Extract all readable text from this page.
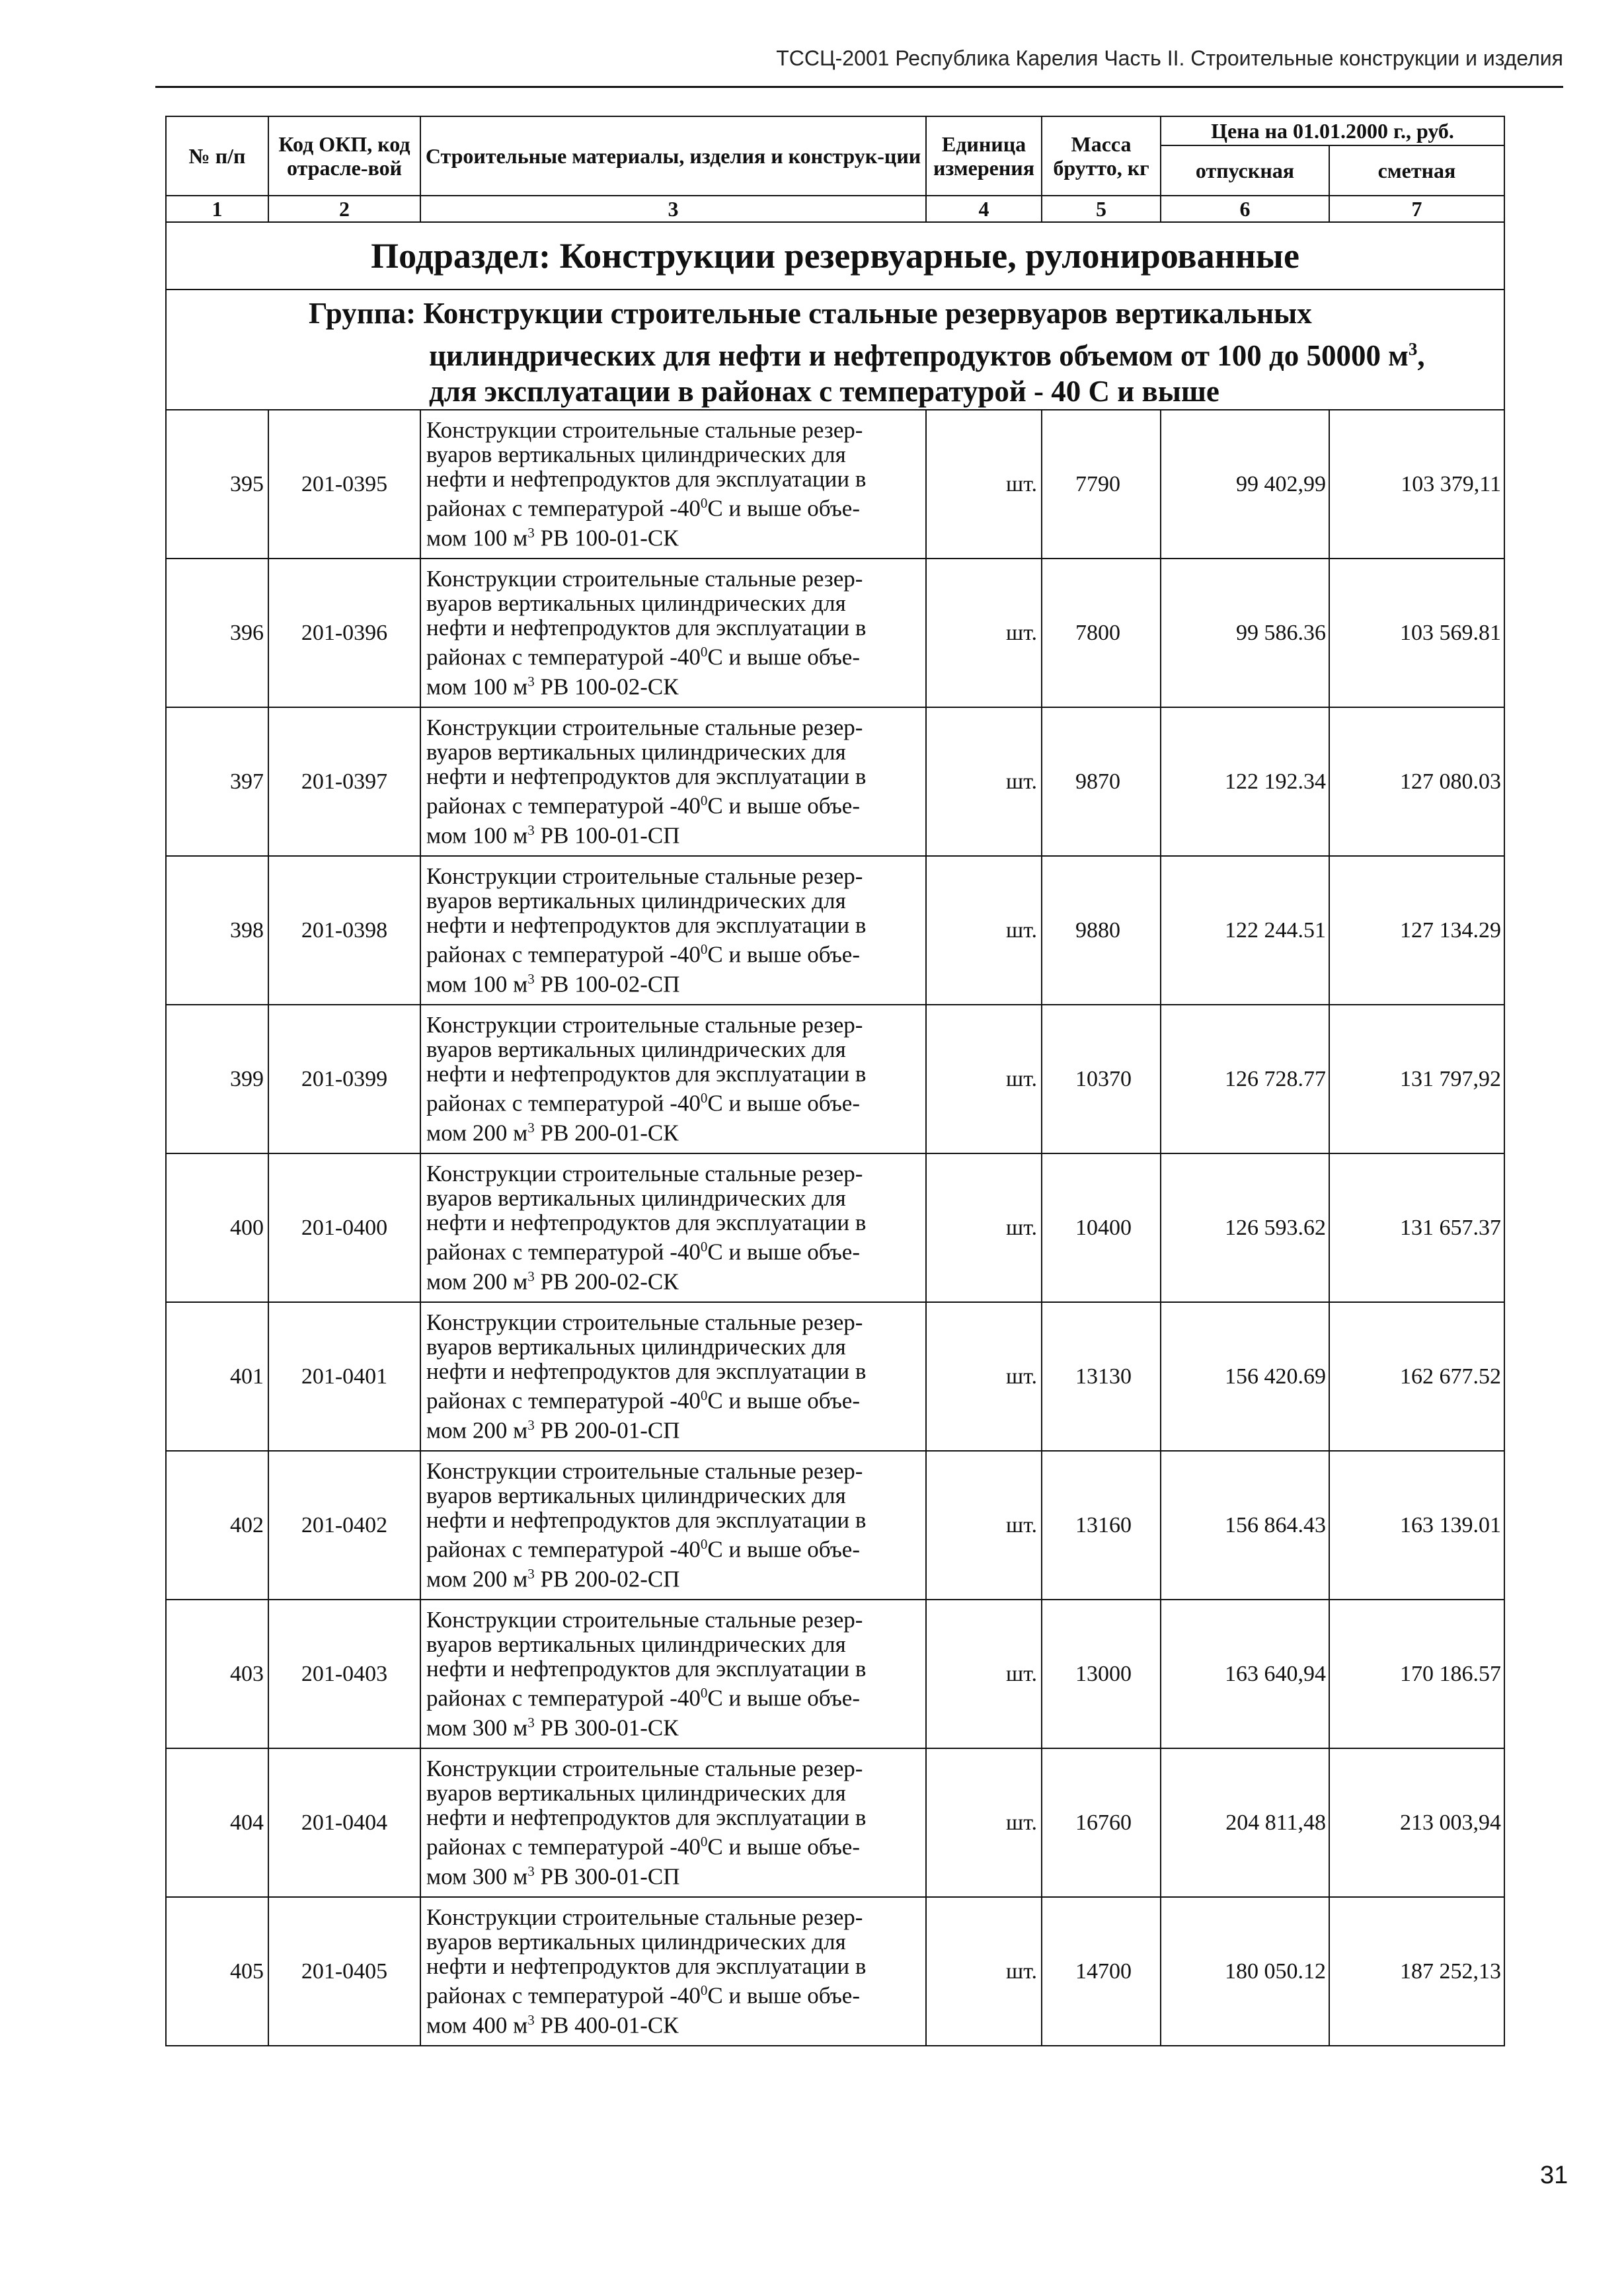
ТССЦ-2001 Республика Карелия Часть II. Строительные конструкции и изделия
№ п/п	Код ОКП, код отрасле-вой	Строительные материалы, изделия и конструк-ции	Единица измерения	Масса брутто, кг	Цена на 01.01.2000 г., руб.	
					отпускная	сметная
1	2	3	4	5	6	7
Подраздел: Конструкции резервуарные, рулонированные						

Группа: Конструкции строительные стальные резервуаров вертикальных
цилиндрических для нефти и нефтепродуктов объемом от 100 до 50000 $м^3$,
для эксплуатации в районах с температурой - 40 С и выше						

395	201-0395	Конструкции строительные стальные резер-
вуаров вертикальных цилиндрических для
нефти и нефтепродуктов для эксплуатации в
районах с температурой $-40^0С$ и выше объе-
мом 100 $м^3$ РВ 100-01-СК	шт.	7790	99 402,99	103 379,11
396	201-0396	Конструкции строительные стальные резер-
вуаров вертикальных цилиндрических для
нефти и нефтепродуктов для эксплуатации в
районах с температурой $-40^0С$ и выше объе-
мом 100 $м^3$ РВ 100-02-СК	шт.	7800	99 586.36	103 569.81
397	201-0397	Конструкции строительные стальные резер-
вуаров вертикальных цилиндрических для
нефти и нефтепродуктов для эксплуатации в
районах с температурой $-40^0С$ и выше объе-
мом 100 $м^3$ РВ 100-01-СП	шт.	9870	122 192.34	127 080.03
398	201-0398	Конструкции строительные стальные резер-
вуаров вертикальных цилиндрических для
нефти и нефтепродуктов для эксплуатации в
районах с температурой $-40^0С$ и выше объе-
мом 100 $м^3$ РВ 100-02-СП	шт.	9880	122 244.51	127 134.29
399	201-0399	Конструкции строительные стальные резер-
вуаров вертикальных цилиндрических для
нефти и нефтепродуктов для эксплуатации в
районах с температурой $-40^0С$ и выше объе-
мом 200 $м^3$ РВ 200-01-СК	шт.	10370	126 728.77	131 797,92
400	201-0400	Конструкции строительные стальные резер-
вуаров вертикальных цилиндрических для
нефти и нефтепродуктов для эксплуатации в
районах с температурой $-40^0С$ и выше объе-
мом 200 $м^3$ РВ 200-02-СК	шт.	10400	126 593.62	131 657.37
401	201-0401	Конструкции строительные стальные резер-
вуаров вертикальных цилиндрических для
нефти и нефтепродуктов для эксплуатации в
районах с температурой $-40^0С$ и выше объе-
мом 200 $м^3$ РВ 200-01-СП	шт.	13130	156 420.69	162 677.52
402	201-0402	Конструкции строительные стальные резер-
вуаров вертикальных цилиндрических для
нефти и нефтепродуктов для эксплуатации в
районах с температурой $-40^0С$ и выше объе-
мом 200 $м^3$ РВ 200-02-СП	шт.	13160	156 864.43	163 139.01
403	201-0403	Конструкции строительные стальные резер-
вуаров вертикальных цилиндрических для
нефти и нефтепродуктов для эксплуатации в
районах с температурой $-40^0С$ и выше объе-
мом 300 $м^3$ РВ 300-01-СК	шт.	13000	163 640,94	170 186.57
404	201-0404	Конструкции строительные стальные резер-
вуаров вертикальных цилиндрических для
нефти и нефтепродуктов для эксплуатации в
районах с температурой $-40^0С$ и выше объе-
мом 300 $м^3$ РВ 300-01-СП	шт.	16760	204 811,48	213 003,94
405	201-0405	Конструкции строительные стальные резер-
вуаров вертикальных цилиндрических для
нефти и нефтепродуктов для эксплуатации в
районах с температурой $-40^0С$ и выше объе-
мом 400 $м^3$ РВ 400-01-СК	шт.	14700	180 050.12	187 252,13
31
